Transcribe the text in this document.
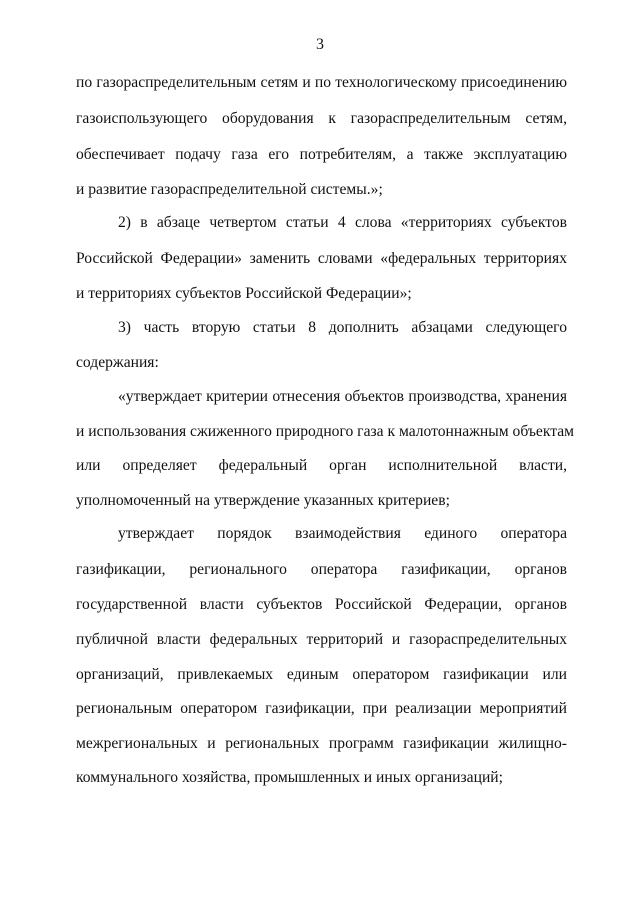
3
по газораспределительным сетям и по технологическому присоединению
газоиспользующего оборудования к газораспределительным сетям,
обеспечивает подачу газа его потребителям, а также эксплуатацию
и развитие газораспределительной системы.»;
2) в абзаце четвертом статьи 4 слова «территориях субъектов
Российской Федерации» заменить словами «федеральных территориях
и территориях субъектов Российской Федерации»;
3) часть вторую статьи 8 дополнить абзацами следующего
содержания:
«утверждает критерии отнесения объектов производства, хранения
и использования сжиженного природного газа к малотоннажным объектам
или определяет федеральный орган исполнительной власти,
уполномоченный на утверждение указанных критериев;
утверждает порядок взаимодействия единого оператора
газификации, регионального оператора газификации, органов
государственной власти субъектов Российской Федерации, органов
публичной власти федеральных территорий и газораспределительных
организаций, привлекаемых единым оператором газификации или
региональным оператором газификации, при реализации мероприятий
межрегиональных и региональных программ газификации жилищно-
коммунального хозяйства, промышленных и иных организаций;
